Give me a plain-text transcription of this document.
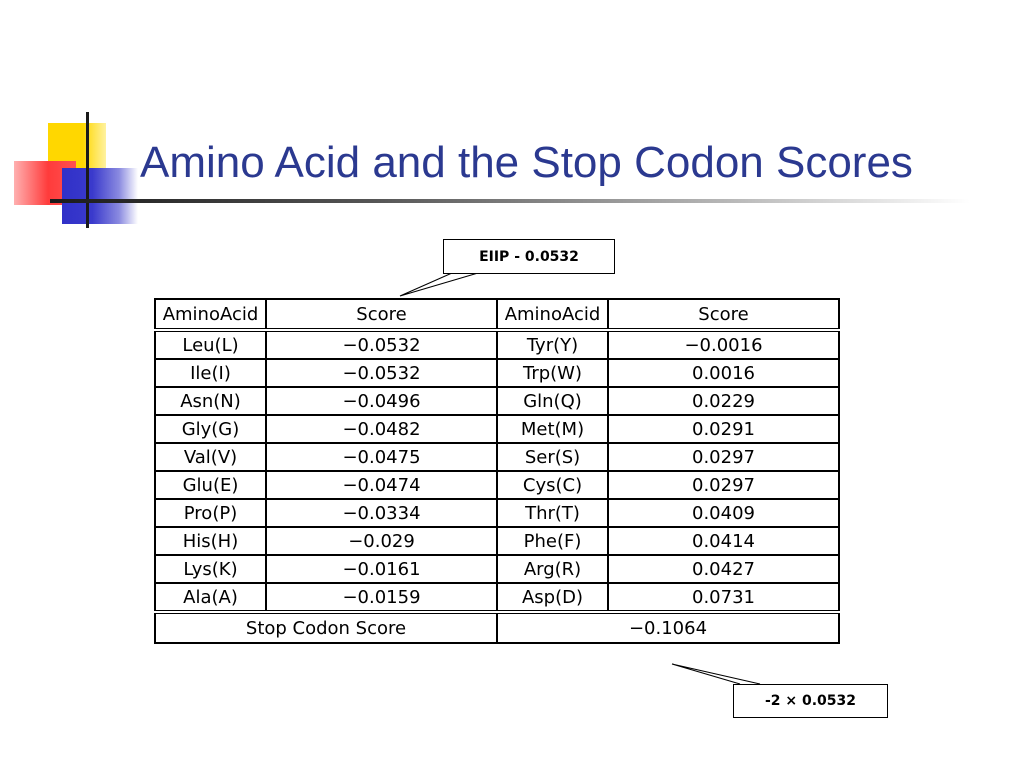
Amino Acid and the Stop Codon Scores
EIIP - 0.0532
-2 × 0.0532
AminoAcid	Score	AminoAcid	Score
Leu(L)	−0.0532	Tyr(Y)	−0.0016
Ile(I)	−0.0532	Trp(W)	0.0016
Asn(N)	−0.0496	Gln(Q)	0.0229
Gly(G)	−0.0482	Met(M)	0.0291
Val(V)	−0.0475	Ser(S)	0.0297
Glu(E)	−0.0474	Cys(C)	0.0297
Pro(P)	−0.0334	Thr(T)	0.0409
His(H)	−0.029	Phe(F)	0.0414
Lys(K)	−0.0161	Arg(R)	0.0427
Ala(A)	−0.0159	Asp(D)	0.0731
Stop Codon Score		−0.1064	
